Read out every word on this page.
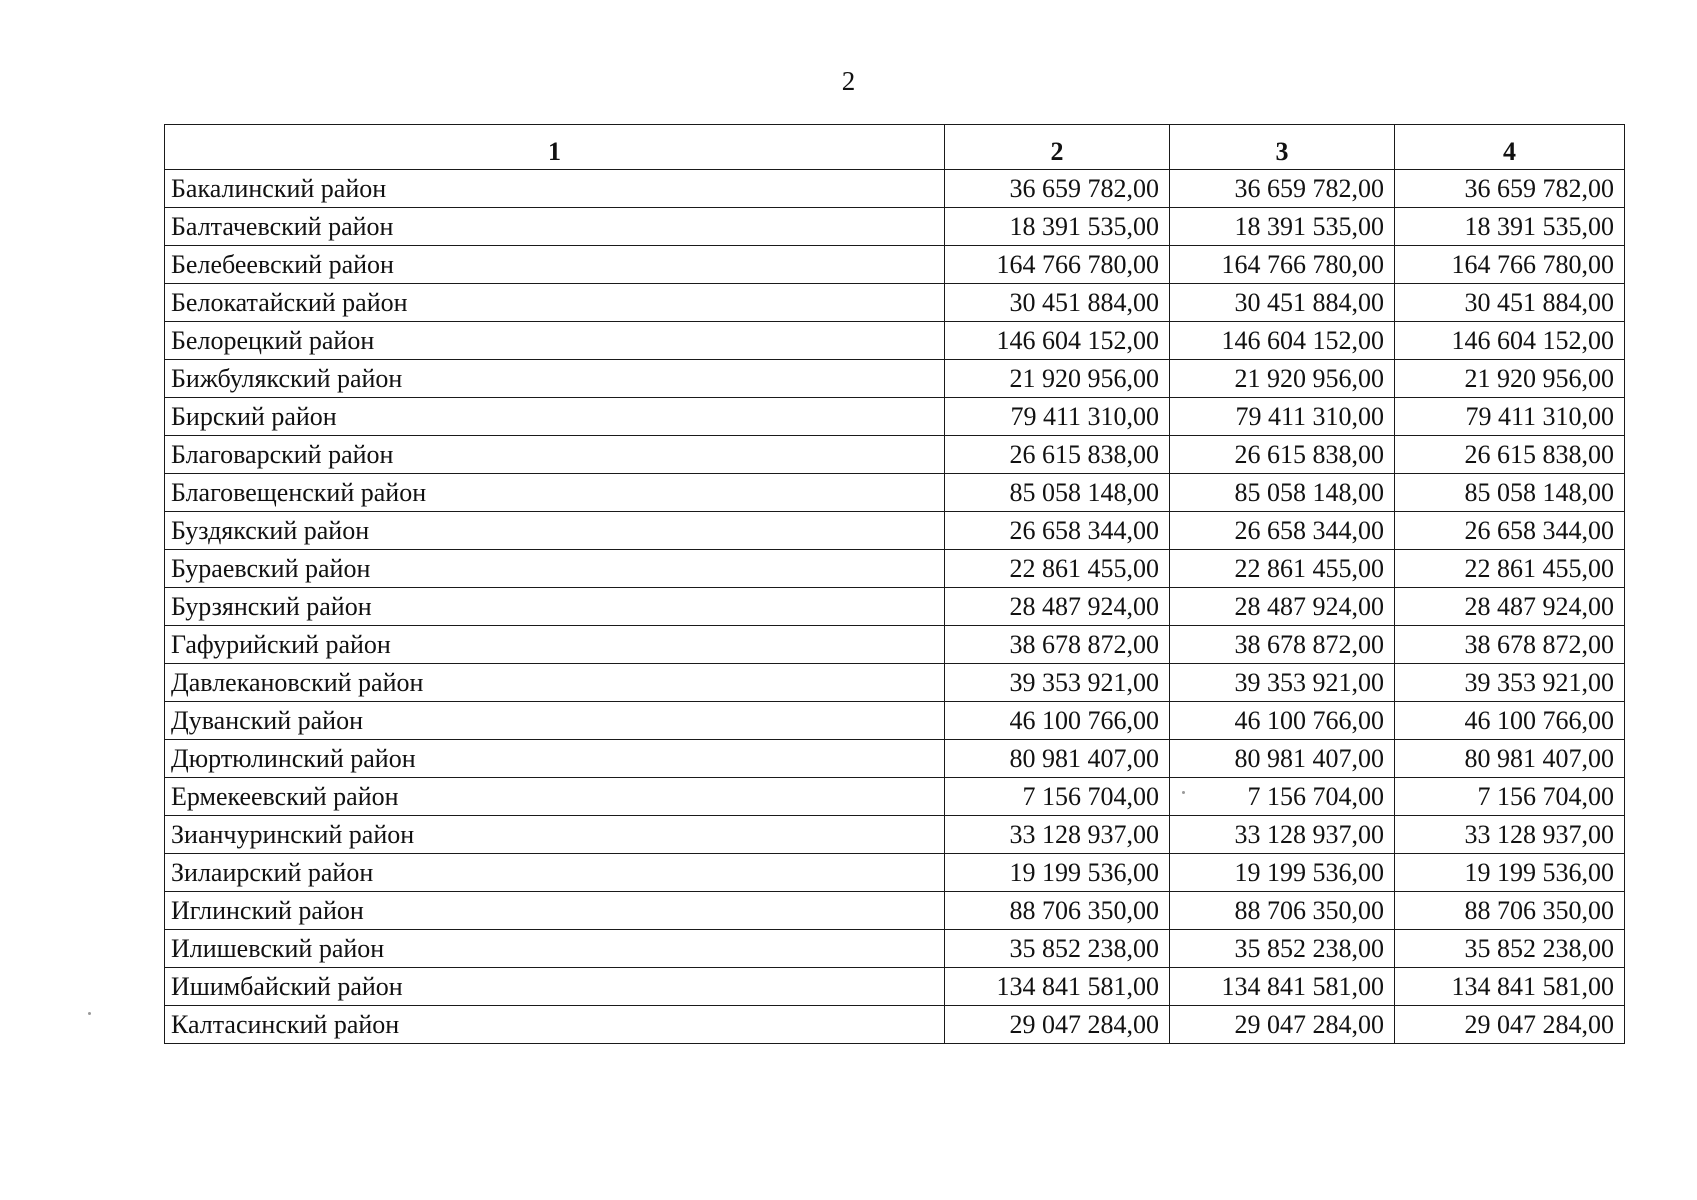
2
1	2	3	4
Бакалинский район	36 659 782,00	36 659 782,00	36 659 782,00
Балтачевский район	18 391 535,00	18 391 535,00	18 391 535,00
Белебеевский район	164 766 780,00	164 766 780,00	164 766 780,00
Белокатайский район	30 451 884,00	30 451 884,00	30 451 884,00
Белорецкий район	146 604 152,00	146 604 152,00	146 604 152,00
Бижбулякский район	21 920 956,00	21 920 956,00	21 920 956,00
Бирский район	79 411 310,00	79 411 310,00	79 411 310,00
Благоварский район	26 615 838,00	26 615 838,00	26 615 838,00
Благовещенский район	85 058 148,00	85 058 148,00	85 058 148,00
Буздякский район	26 658 344,00	26 658 344,00	26 658 344,00
Бураевский район	22 861 455,00	22 861 455,00	22 861 455,00
Бурзянский район	28 487 924,00	28 487 924,00	28 487 924,00
Гафурийский район	38 678 872,00	38 678 872,00	38 678 872,00
Давлекановский район	39 353 921,00	39 353 921,00	39 353 921,00
Дуванский район	46 100 766,00	46 100 766,00	46 100 766,00
Дюртюлинский район	80 981 407,00	80 981 407,00	80 981 407,00
Ермекеевский район	7 156 704,00	7 156 704,00	7 156 704,00
Зианчуринский район	33 128 937,00	33 128 937,00	33 128 937,00
Зилаирский район	19 199 536,00	19 199 536,00	19 199 536,00
Иглинский район	88 706 350,00	88 706 350,00	88 706 350,00
Илишевский район	35 852 238,00	35 852 238,00	35 852 238,00
Ишимбайский район	134 841 581,00	134 841 581,00	134 841 581,00
Калтасинский район	29 047 284,00	29 047 284,00	29 047 284,00
